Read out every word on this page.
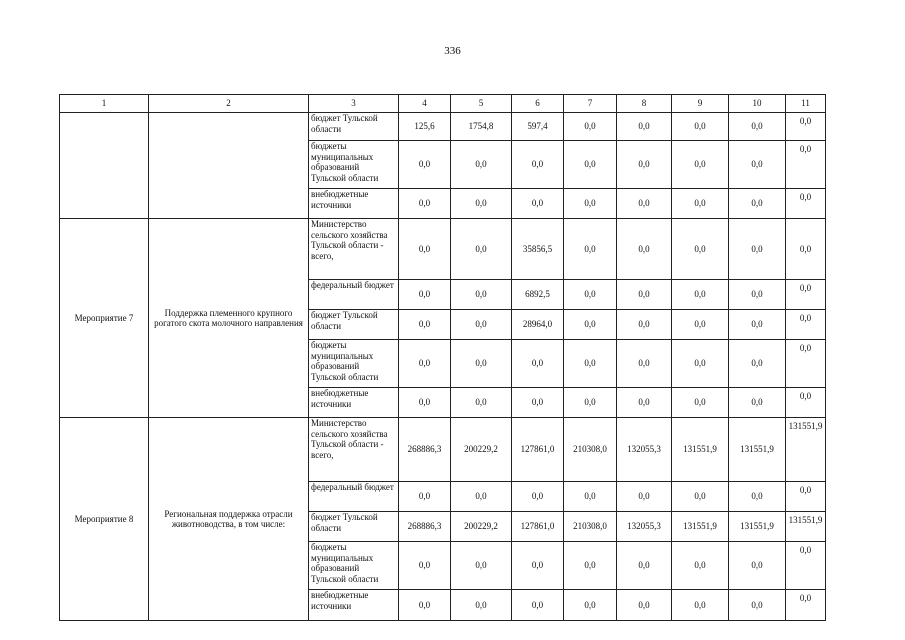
336
1	2	3	4	5	6	7	8	9	10	11
		бюджет Тульской области	125,6	1754,8	597,4	0,0	0,0	0,0	0,0	0,0
		бюджеты муниципальных образований Тульской области	0,0	0,0	0,0	0,0	0,0	0,0	0,0	0,0
		внебюджетные источники	0,0	0,0	0,0	0,0	0,0	0,0	0,0	0,0
Мероприятие 7	Поддержка племенного крупного рогатого скота молочного направления	Министерство сельского хозяйства Тульской области - всего,	0,0	0,0	35856,5	0,0	0,0	0,0	0,0	0,0
		федеральный бюджет	0,0	0,0	6892,5	0,0	0,0	0,0	0,0	0,0
		бюджет Тульской области	0,0	0,0	28964,0	0,0	0,0	0,0	0,0	0,0
		бюджеты муниципальных образований Тульской области	0,0	0,0	0,0	0,0	0,0	0,0	0,0	0,0
		внебюджетные источники	0,0	0,0	0,0	0,0	0,0	0,0	0,0	0,0
Мероприятие 8	Региональная поддержка отрасли животноводства, в том числе:	Министерство сельского хозяйства Тульской области - всего,	268886,3	200229,2	127861,0	210308,0	132055,3	131551,9	131551,9	131551,9
		федеральный бюджет	0,0	0,0	0,0	0,0	0,0	0,0	0,0	0,0
		бюджет Тульской области	268886,3	200229,2	127861,0	210308,0	132055,3	131551,9	131551,9	131551,9
		бюджеты муниципальных образований Тульской области	0,0	0,0	0,0	0,0	0,0	0,0	0,0	0,0
		внебюджетные источники	0,0	0,0	0,0	0,0	0,0	0,0	0,0	0,0
